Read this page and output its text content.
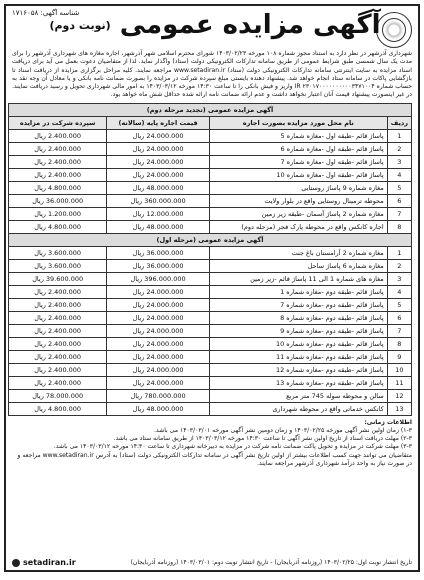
آگهی مزایده عمومی (نوبت دوم)
شناسه آگهی: ۱۷۱۶۰۵۸
شهرداری آذرشهر در نظر دارد به استناد مجوز شماره ۱۰۸ مورخه ۱۴۰۳/۰۲/۲۳ شورای محترم اسلامی شهر آذرشهر، اجاره مغازه های شهرداری آذرشهر را برای مدت یک سال شمسی طبق شرایط عمومی از طریق سامانه تدارکات الکترونیکی دولت (ستاد) واگذار نماید. لذا از متقاضیان دعوت بعمل می آید برای دریافت اسناد مزایده به سایت اینترنتی سامانه تدارکات الکترونیکی دولت (ستاد) www.setadiran.ir مراجعه نمایند. کلیه مراحل برگزاری مزایده از دریافت اسناد تا بازگشایی پاکات در سامانه ستاد انجام خواهد شد. پیشنهاد دهنده بایستی مبلغ سپرده شرکت در مزایده را بصورت ضمانت نامه بانکی و یا معادل آن وجه نقد به حساب شماره IR ۲۳۰۱۷۰۰۰۰۰۰۰۰۰۰۳۴۷۱۰۰۴ واریز و فیش بانکی را تا ساعت ۱۴:۳۰ مورخه ۱۴۰۳/۰۳/۱۲ به امور مالی شهرداری تحویل و رسید دریافت نمایند. در غیر اینصورت پیشنهاد قیمت آنان اعتبار نخواهد داشت و عدم ارائه ضمانت نامه ارائه شده حداقل شش ماه خواهد بود.
آگهی مزایده عمومی (تجدید مرحله دوم)			
ردیف	نام محل مورد مزایده بصورت اجاره	قیمت اجاره پایه (سالانه)	سپرده شرکت در مزایده
1	پاساژ قائم -طبقه اول -مغازه شماره 5	24.000.000 ریال	2.400.000 ریال
2	پاساژ قائم -طبقه اول -مغازه شماره 6	24.000.000 ریال	2.400.000 ریال
3	پاساژ قائم -طبقه اول -مغازه شماره 7	24.000.000 ریال	2.400.000 ریال
4	پاساژ قائم -طبقه اول -مغازه شماره 10	24.000.000 ریال	2.400.000 ریال
5	مغازه شماره 9 پاساژ روستایی	48.000.000 ریال	4.800.000 ریال
6	محوطه ترمینال روستایی واقع در بلوار ولایت	360.000.000 ریال	36.000.000 ریال
7	مغازه شماره 2 پاساژ آسمان -طبقه زیر زمین	12.000.000 ریال	1.200.000 ریال
8	اجاره کانکس واقع در محوطه پارک فجر (مرحله دوم)	48.000.000 ریال	4.800.000 ریال
آگهی مزایده عمومی (مرحله اول)			
1	مغازه شماره 2 آرامستان باغ جنت	36.000.000 ریال	3.600.000 ریال
2	مغازه شماره 6 پاساژ ساحل	36.000.000 ریال	3.600.000 ریال
3	مغازه های شماره 1 الی 11 پاساژ قائم -زیر زمین	396.000.000 ریال	39.600.000 ریال
4	پاساژ قائم -طبقه دوم -مغازه شماره 1	24.000.000 ریال	2.400.000 ریال
5	پاساژ قائم -طبقه دوم -مغازه شماره 7	24.000.000 ریال	2.400.000 ریال
6	پاساژ قائم -طبقه دوم -مغازه شماره 8	24.000.000 ریال	2.400.000 ریال
7	پاساژ قائم -طبقه دوم -مغازه شماره 9	24.000.000 ریال	2.400.000 ریال
8	پاساژ قائم -طبقه دوم -مغازه شماره 10	24.000.000 ریال	2.400.000 ریال
9	پاساژ قائم -طبقه دوم -مغازه شماره 11	24.000.000 ریال	2.400.000 ریال
10	پاساژ قائم -طبقه دوم -مغازه شماره 12	24.000.000 ریال	2.400.000 ریال
11	پاساژ قائم -طبقه دوم -مغازه شماره 13	24.000.000 ریال	2.400.000 ریال
12	سالن و محوطه سوله 745 متر مربع	780.000.000 ریال	78.000.000 ریال
13	کانکس خدماتی واقع در محوطه شهرداری	48.000.000 ریال	4.800.000 ریال
اطلاعات زمانی:
۱-۳) زمان اولین نشر آگهی مورخه ۱۴۰۳/۰۲/۲۵ و زمان دومین نشر آگهی مورخه ۱۴۰۳/۰۳/۰۱ می باشد.
۲-۳) مهلت دریافت اسناد از تاریخ اولین نشر آگهی تا ساعت ۱۴:۳۰ مورخه ۱۴۰۳/۰۳/۱۲ از طریق سامانه ستاد می باشد.
۳-۳) مهلت شرکت در مزایده و تحویل پاکت ضمانت نامه شرکت در مزایده به دبیرخانه شهرداری تا ساعت ۱۴:۳۰ مورخه ۱۴۰۳/۰۳/۱۲ می باشد.
متقاضیان می توانند جهت کسب اطلاعات بیشتر از اولین تاریخ نشر آگهی در سامانه تدارکات الکترونیکی دولت (ستاد) به آدرس www.setadiran.ir مراجعه و در صورت نیاز به واحد درآمد شهرداری آذرشهر مراجعه نمایند.
تاریخ انتشار نوبت اول: ۱۴۰۳/۰۲/۲۵ (روزنامه آذربایجان) - تاریخ انتشار نوبت دوم: ۱۴۰۳/۰۳/۰۱ (روزنامه آذربایجان)
setadiran.ir
